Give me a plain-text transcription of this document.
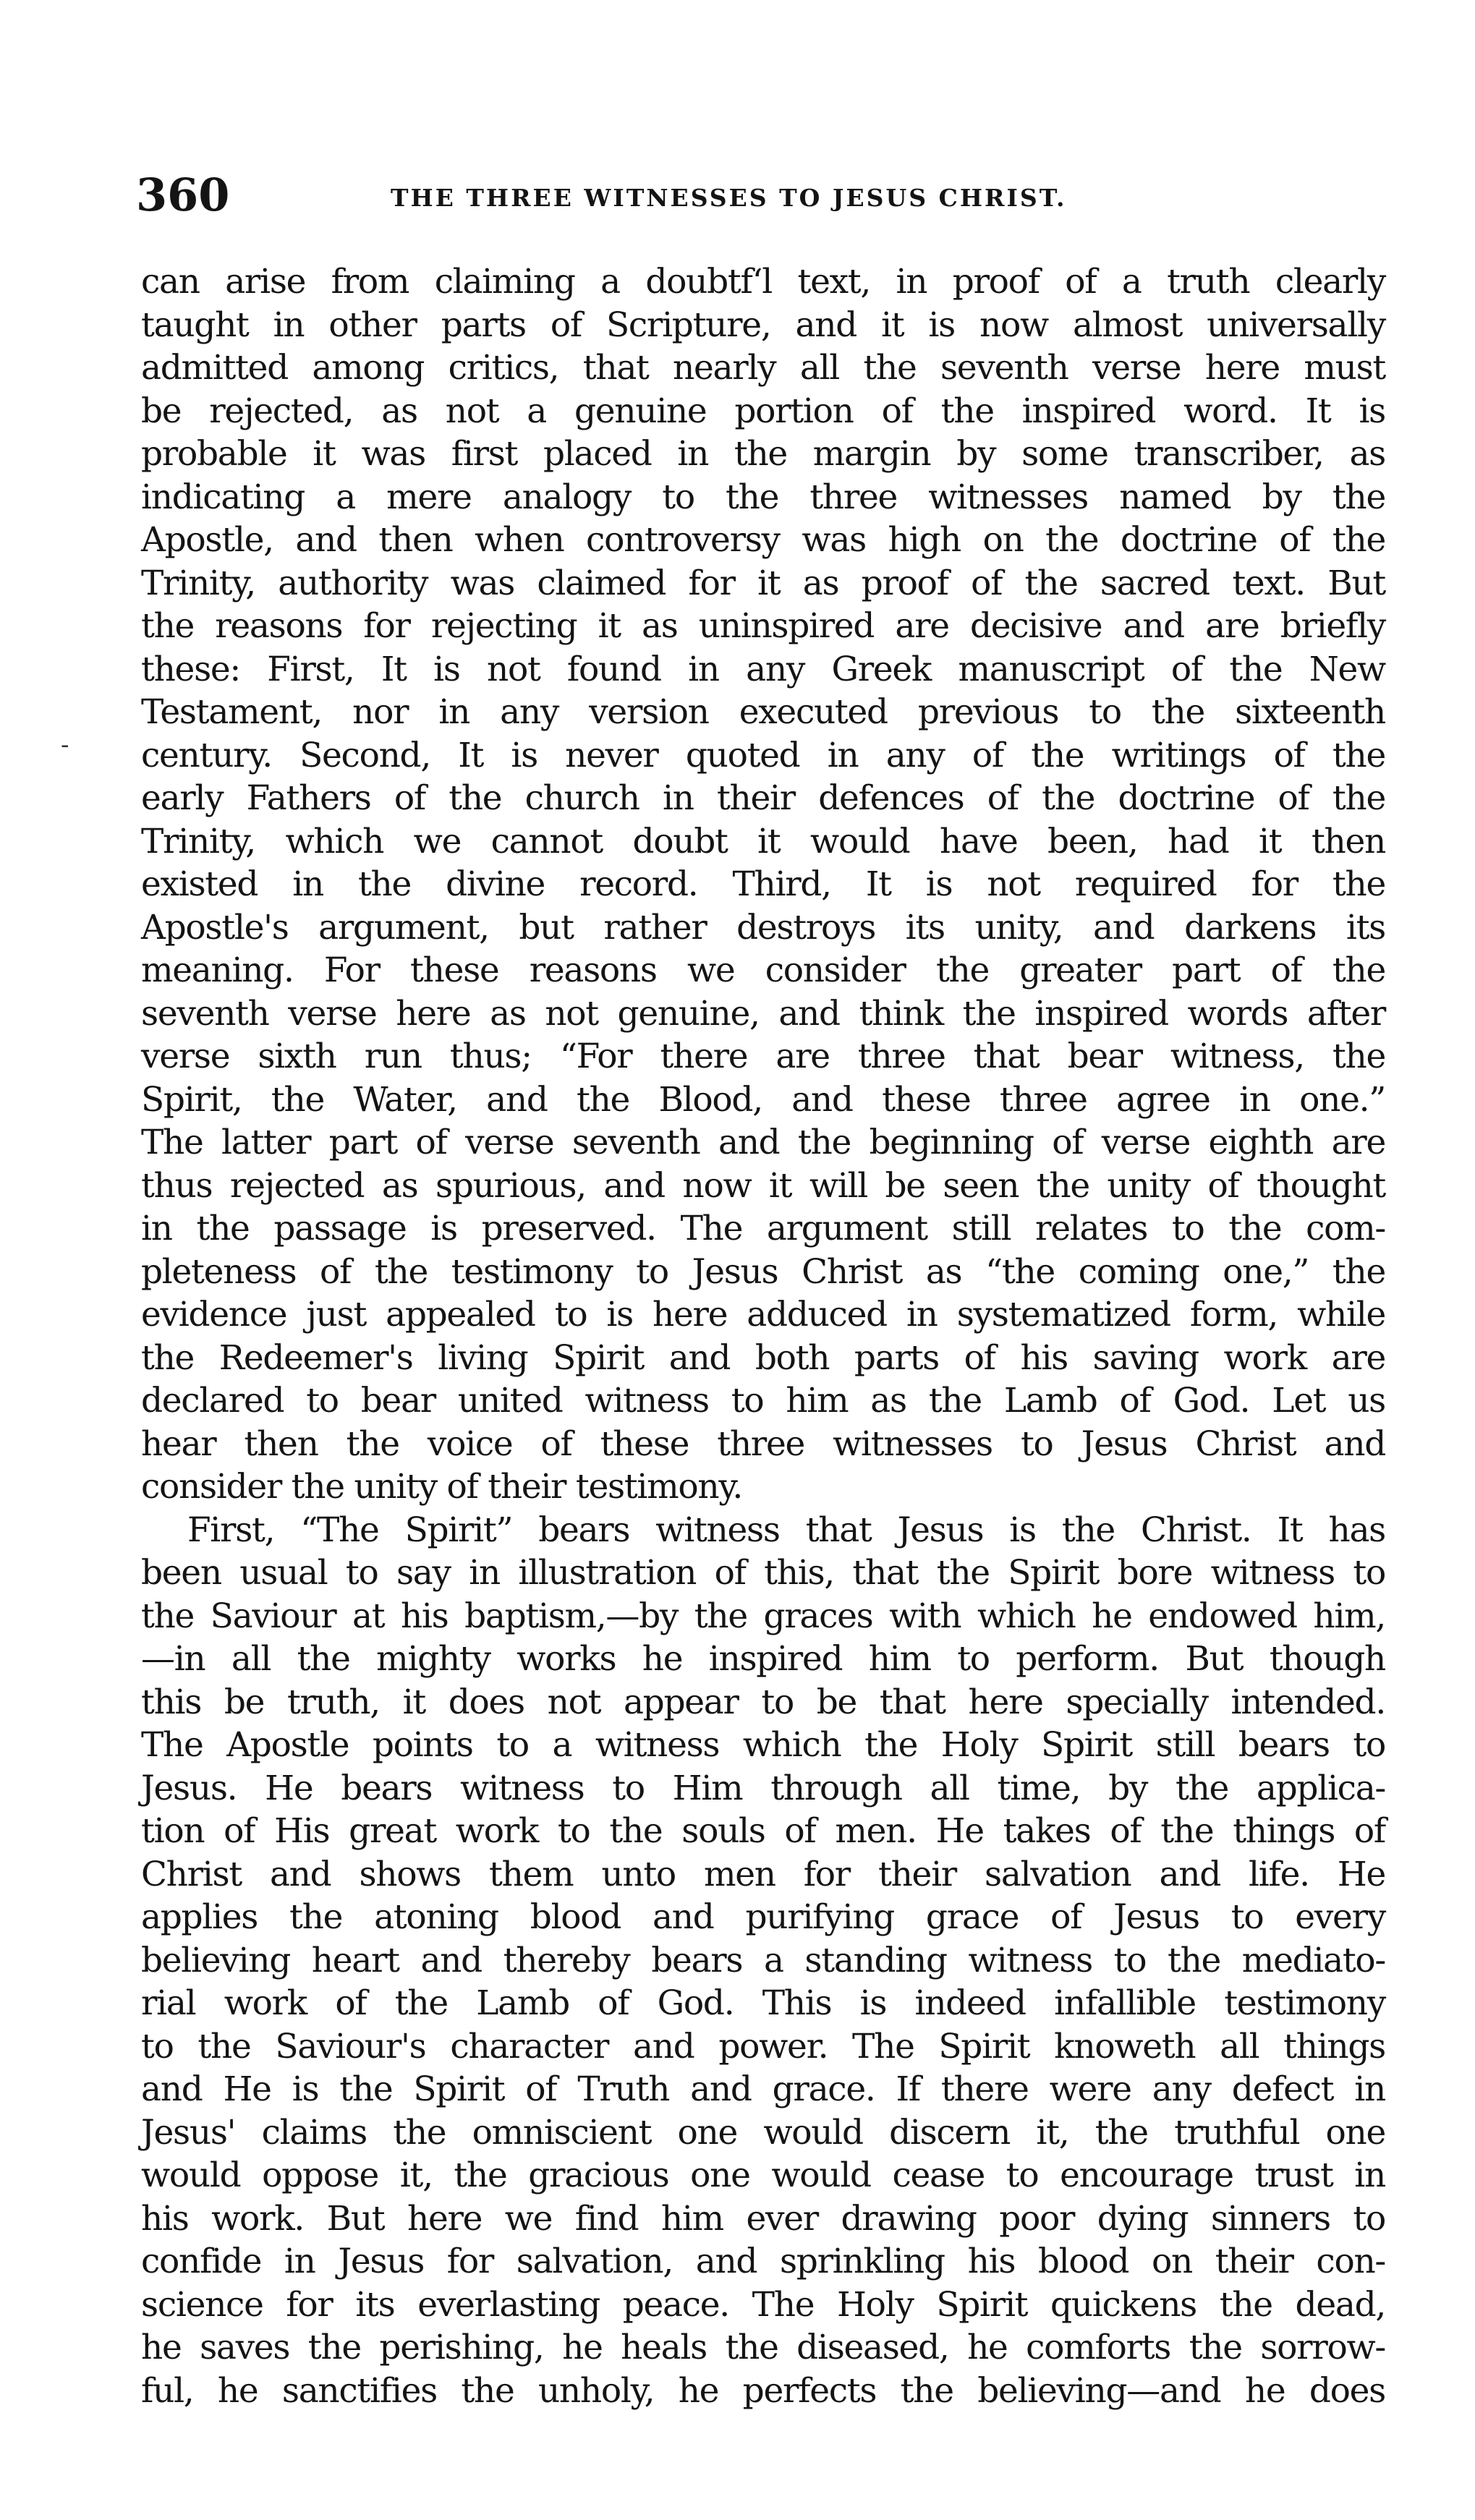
360	THE THREE WITNESSES TO JESUS CHRIST.
-
can arise from claiming a doubtfʻl text, in proof of a truth clearly
taught in other parts of Scripture, and it is now almost universally
admitted among critics, that nearly all the seventh verse here must
be rejected, as not a genuine portion of the inspired word. It is
probable it was first placed in the margin by some transcriber, as
indicating a mere analogy to the three witnesses named by the
Apostle, and then when controversy was high on the doctrine of the
Trinity, authority was claimed for it as proof of the sacred text. But
the reasons for rejecting it as uninspired are decisive and are briefly
these: First, It is not found in any Greek manuscript of the New
Testament, nor in any version executed previous to the sixteenth
century. Second, It is never quoted in any of the writings of the
early Fathers of the church in their defences of the doctrine of the
Trinity, which we cannot doubt it would have been, had it then
existed in the divine record. Third, It is not required for the
Apostle's argument, but rather destroys its unity, and darkens its
meaning. For these reasons we consider the greater part of the
seventh verse here as not genuine, and think the inspired words after
verse sixth run thus; “For there are three that bear witness, the
Spirit, the Water, and the Blood, and these three agree in one.”
The latter part of verse seventh and the beginning of verse eighth are
thus rejected as spurious, and now it will be seen the unity of thought
in the passage is preserved. The argument still relates to the com-
pleteness of the testimony to Jesus Christ as “the coming one,” the
evidence just appealed to is here adduced in systematized form, while
the Redeemer's living Spirit and both parts of his saving work are
declared to bear united witness to him as the Lamb of God. Let us
hear then the voice of these three witnesses to Jesus Christ and
consider the unity of their testimony.
First, “The Spirit” bears witness that Jesus is the Christ. It has
been usual to say in illustration of this, that the Spirit bore witness to
the Saviour at his baptism,—by the graces with which he endowed him,
—in all the mighty works he inspired him to perform. But though
this be truth, it does not appear to be that here specially intended.
The Apostle points to a witness which the Holy Spirit still bears to
Jesus. He bears witness to Him through all time, by the applica-
tion of His great work to the souls of men. He takes of the things of
Christ and shows them unto men for their salvation and life. He
applies the atoning blood and purifying grace of Jesus to every
believing heart and thereby bears a standing witness to the mediato-
rial work of the Lamb of God. This is indeed infallible testimony
to the Saviour's character and power. The Spirit knoweth all things
and He is the Spirit of Truth and grace. If there were any defect in
Jesus' claims the omniscient one would discern it, the truthful one
would oppose it, the gracious one would cease to encourage trust in
his work. But here we find him ever drawing poor dying sinners to
confide in Jesus for salvation, and sprinkling his blood on their con-
science for its everlasting peace. The Holy Spirit quickens the dead,
he saves the perishing, he heals the diseased, he comforts the sorrow-
ful, he sanctifies the unholy, he perfects the believing—and he does
